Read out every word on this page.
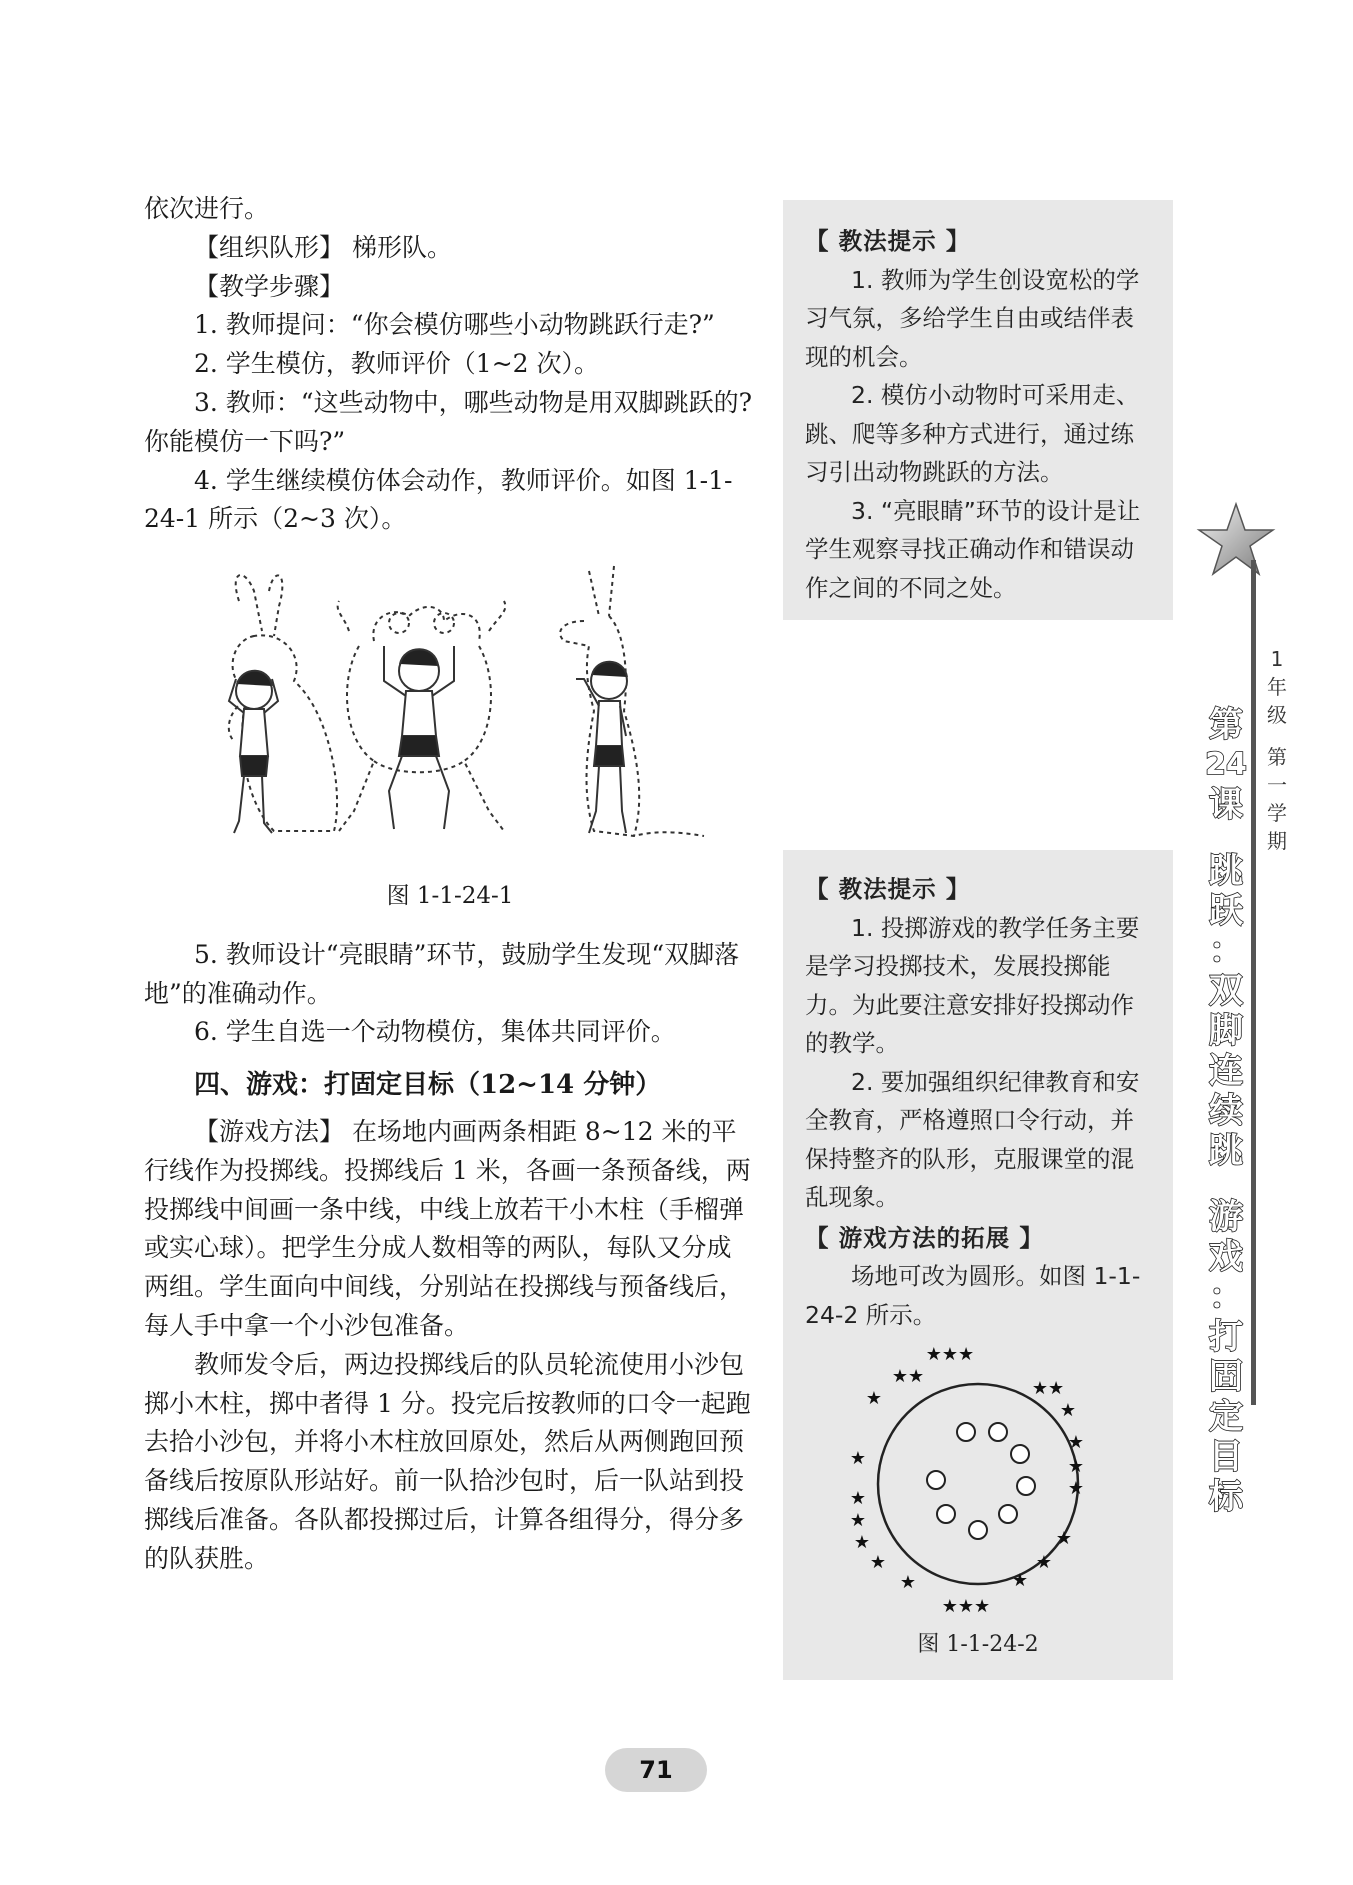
依次进行。

【组织队形】 梯形队。

【教学步骤】

1. 教师提问：“你会模仿哪些小动物跳跃行走?”

2. 学生模仿，教师评价（1~2 次）。

3. 教师：“这些动物中，哪些动物是用双脚跳跃的? 你能模仿一下吗?”

4. 学生继续模仿体会动作，教师评价。如图 1-1-24-1 所示（2~3 次）。

图 1-1-24-1

5. 教师设计“亮眼睛”环节，鼓励学生发现“双脚落地”的准确动作。

6. 学生自选一个动物模仿，集体共同评价。

四、游戏：打固定目标（12~14 分钟）

【游戏方法】 在场地内画两条相距 8~12 米的平行线作为投掷线。投掷线后 1 米，各画一条预备线，两投掷线中间画一条中线，中线上放若干小木柱（手榴弹或实心球）。把学生分成人数相等的两队，每队又分成两组。学生面向中间线，分别站在投掷线与预备线后，每人手中拿一个小沙包准备。

教师发令后，两边投掷线后的队员轮流使用小沙包掷小木柱，掷中者得 1 分。投完后按教师的口令一起跑去拾小沙包，并将小木柱放回原处，然后从两侧跑回预备线后按原队形站好。前一队拾沙包时，后一队站到投掷线后准备。各队都投掷过后，计算各组得分，得分多的队获胜。

【 教法提示 】

1. 教师为学生创设宽松的学习气氛，多给学生自由或结伴表现的机会。

2. 模仿小动物时可采用走、跳、爬等多种方式进行，通过练习引出动物跳跃的方法。

3. “亮眼睛”环节的设计是让学生观察寻找正确动作和错误动作之间的不同之处。

【 教法提示 】

1. 投掷游戏的教学任务主要是学习投掷技术，发展投掷能力。为此要注意安排好投掷动作的教学。

2. 要加强组织纪律教育和安全教育，严格遵照口令行动，并保持整齐的队形，克服课堂的混乱现象。

【 游戏方法的拓展 】

场地可改为圆形。如图 1-1-24-2 所示。

★★★
★★
★	★★
★
★
★
★
★
★
★
★
★
★
★
★
★
★★★
图 1-1-24-2
1
年
级
第
一
学
期
第
24
课
跳
跃
：
双
脚
连
续
跳
游
戏
：
打
固
定
目
标
71
